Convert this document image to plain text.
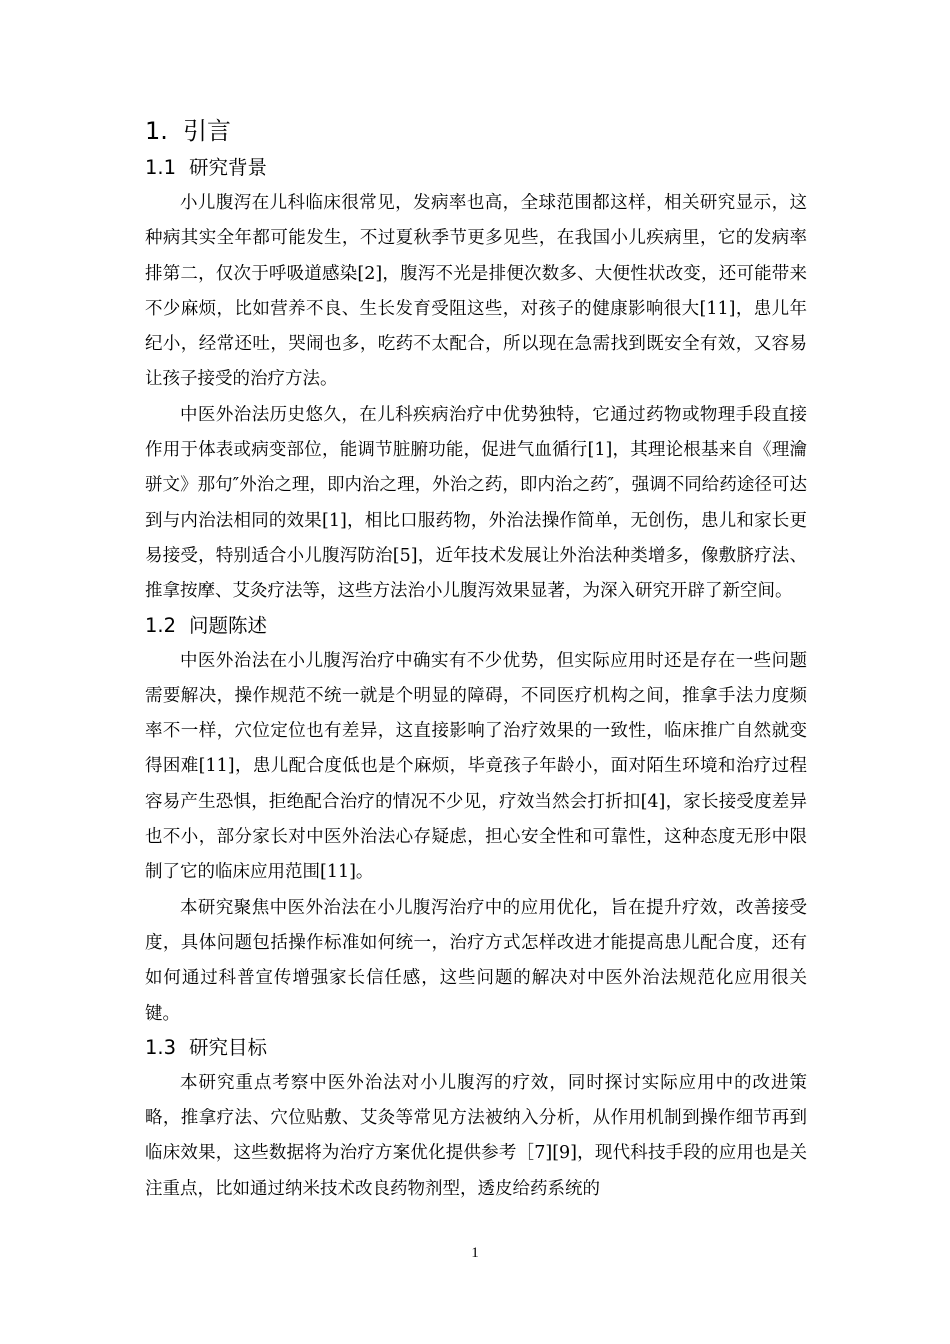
1. 引言
1.1 研究背景

小儿腹泻在儿科临床很常见，发病率也高，全球范围都这样，相关研究显示，这种病其实全年都可能发生，不过夏秋季节更多见些，在我国小儿疾病里，它的发病率排第二，仅次于呼吸道感染[2]，腹泻不光是排便次数多、大便性状改变，还可能带来不少麻烦，比如营养不良、生长发育受阻这些，对孩子的健康影响很大[11]，患儿年纪小，经常还吐，哭闹也多，吃药不太配合，所以现在急需找到既安全有效，又容易让孩子接受的治疗方法。

中医外治法历史悠久，在儿科疾病治疗中优势独特，它通过药物或物理手段直接作用于体表或病变部位，能调节脏腑功能，促进气血循行[1]，其理论根基来自《理瀹骈文》那句″外治之理，即内治之理，外治之药，即内治之药″，强调不同给药途径可达到与内治法相同的效果[1]，相比口服药物，外治法操作简单，无创伤，患儿和家长更易接受，特别适合小儿腹泻防治[5]，近年技术发展让外治法种类增多，像敷脐疗法、推拿按摩、艾灸疗法等，这些方法治小儿腹泻效果显著，为深入研究开辟了新空间。

1.2 问题陈述

中医外治法在小儿腹泻治疗中确实有不少优势，但实际应用时还是存在一些问题需要解决，操作规范不统一就是个明显的障碍，不同医疗机构之间，推拿手法力度频率不一样，穴位定位也有差异，这直接影响了治疗效果的一致性，临床推广自然就变得困难[11]，患儿配合度低也是个麻烦，毕竟孩子年龄小，面对陌生环境和治疗过程容易产生恐惧，拒绝配合治疗的情况不少见，疗效当然会打折扣[4]，家长接受度差异也不小，部分家长对中医外治法心存疑虑，担心安全性和可靠性，这种态度无形中限制了它的临床应用范围[11]。

本研究聚焦中医外治法在小儿腹泻治疗中的应用优化，旨在提升疗效，改善接受度，具体问题包括操作标准如何统一，治疗方式怎样改进才能提高患儿配合度，还有如何通过科普宣传增强家长信任感，这些问题的解决对中医外治法规范化应用很关键。

1.3 研究目标

本研究重点考察中医外治法对小儿腹泻的疗效，同时探讨实际应用中的改进策略，推拿疗法、穴位贴敷、艾灸等常见方法被纳入分析，从作用机制到操作细节再到临床效果，这些数据将为治疗方案优化提供参考［7][9]，现代科技手段的应用也是关注重点，比如通过纳米技术改良药物剂型，透皮给药系统的

1
